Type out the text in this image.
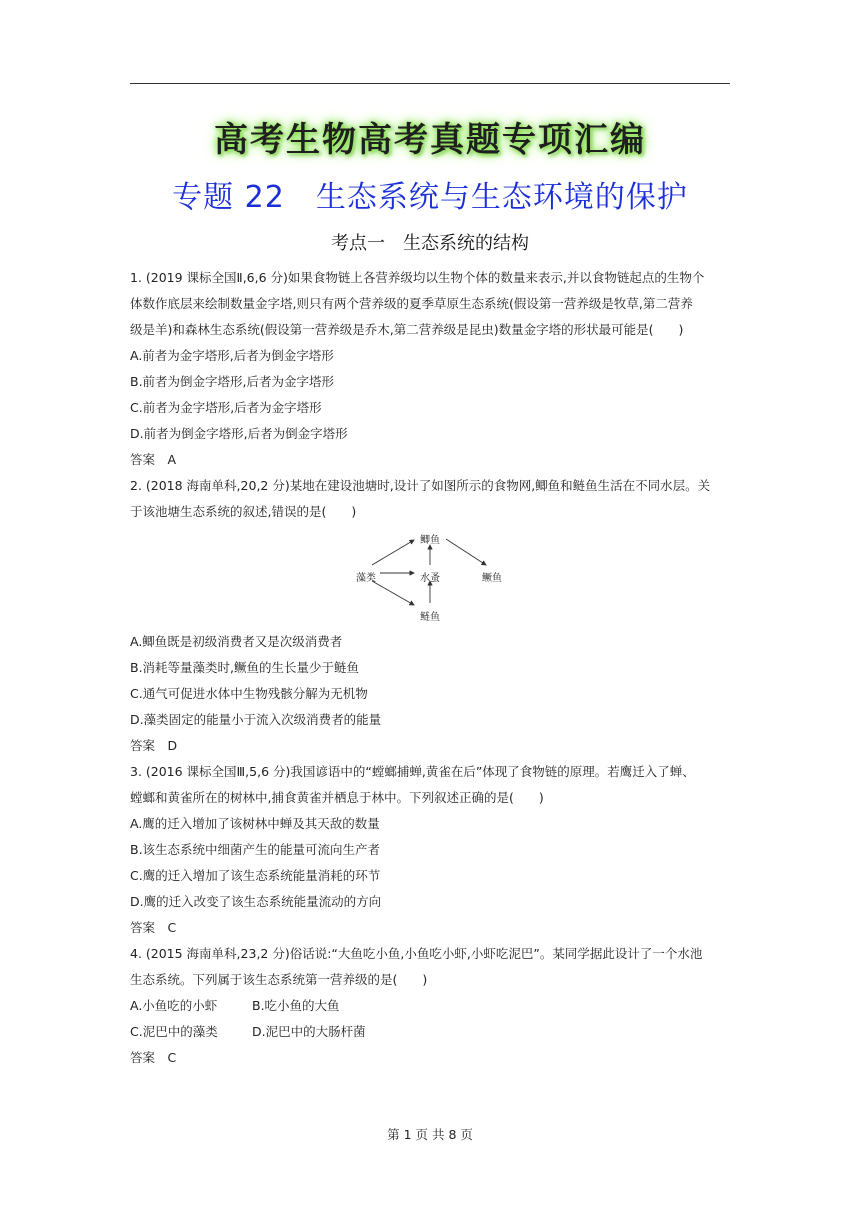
高考生物高考真题专项汇编
专题 22　生态系统与生态环境的保护
考点一　生态系统的结构
1. (2019 课标全国Ⅱ,6,6 分)如果食物链上各营养级均以生物个体的数量来表示,并以食物链起点的生物个
体数作底层来绘制数量金字塔,则只有两个营养级的夏季草原生态系统(假设第一营养级是牧草,第二营养
级是羊)和森林生态系统(假设第一营养级是乔木,第二营养级是昆虫)数量金字塔的形状最可能是(　　)
A.前者为金字塔形,后者为倒金字塔形
B.前者为倒金字塔形,后者为金字塔形
C.前者为金字塔形,后者为金字塔形
D.前者为倒金字塔形,后者为倒金字塔形
答案　A
2. (2018 海南单科,20,2 分)某地在建设池塘时,设计了如图所示的食物网,鲫鱼和鲢鱼生活在不同水层。关
于该池塘生态系统的叙述,错误的是(　　)
藻类
鲫鱼
水蚤	鳜鱼
鲢鱼
A.鲫鱼既是初级消费者又是次级消费者
B.消耗等量藻类时,鳜鱼的生长量少于鲢鱼
C.通气可促进水体中生物残骸分解为无机物
D.藻类固定的能量小于流入次级消费者的能量
答案　D
3. (2016 课标全国Ⅲ,5,6 分)我国谚语中的“螳螂捕蝉,黄雀在后”体现了食物链的原理。若鹰迁入了蝉、
螳螂和黄雀所在的树林中,捕食黄雀并栖息于林中。下列叙述正确的是(　　)
A.鹰的迁入增加了该树林中蝉及其天敌的数量
B.该生态系统中细菌产生的能量可流向生产者
C.鹰的迁入增加了该生态系统能量消耗的环节
D.鹰的迁入改变了该生态系统能量流动的方向
答案　C
4. (2015 海南单科,23,2 分)俗话说:“大鱼吃小鱼,小鱼吃小虾,小虾吃泥巴”。某同学据此设计了一个水池
生态系统。下列属于该生态系统第一营养级的是(　　)
A.小鱼吃的小虾	B.吃小鱼的大鱼
C.泥巴中的藻类	D.泥巴中的大肠杆菌
答案　C
第 1 页 共 8 页
